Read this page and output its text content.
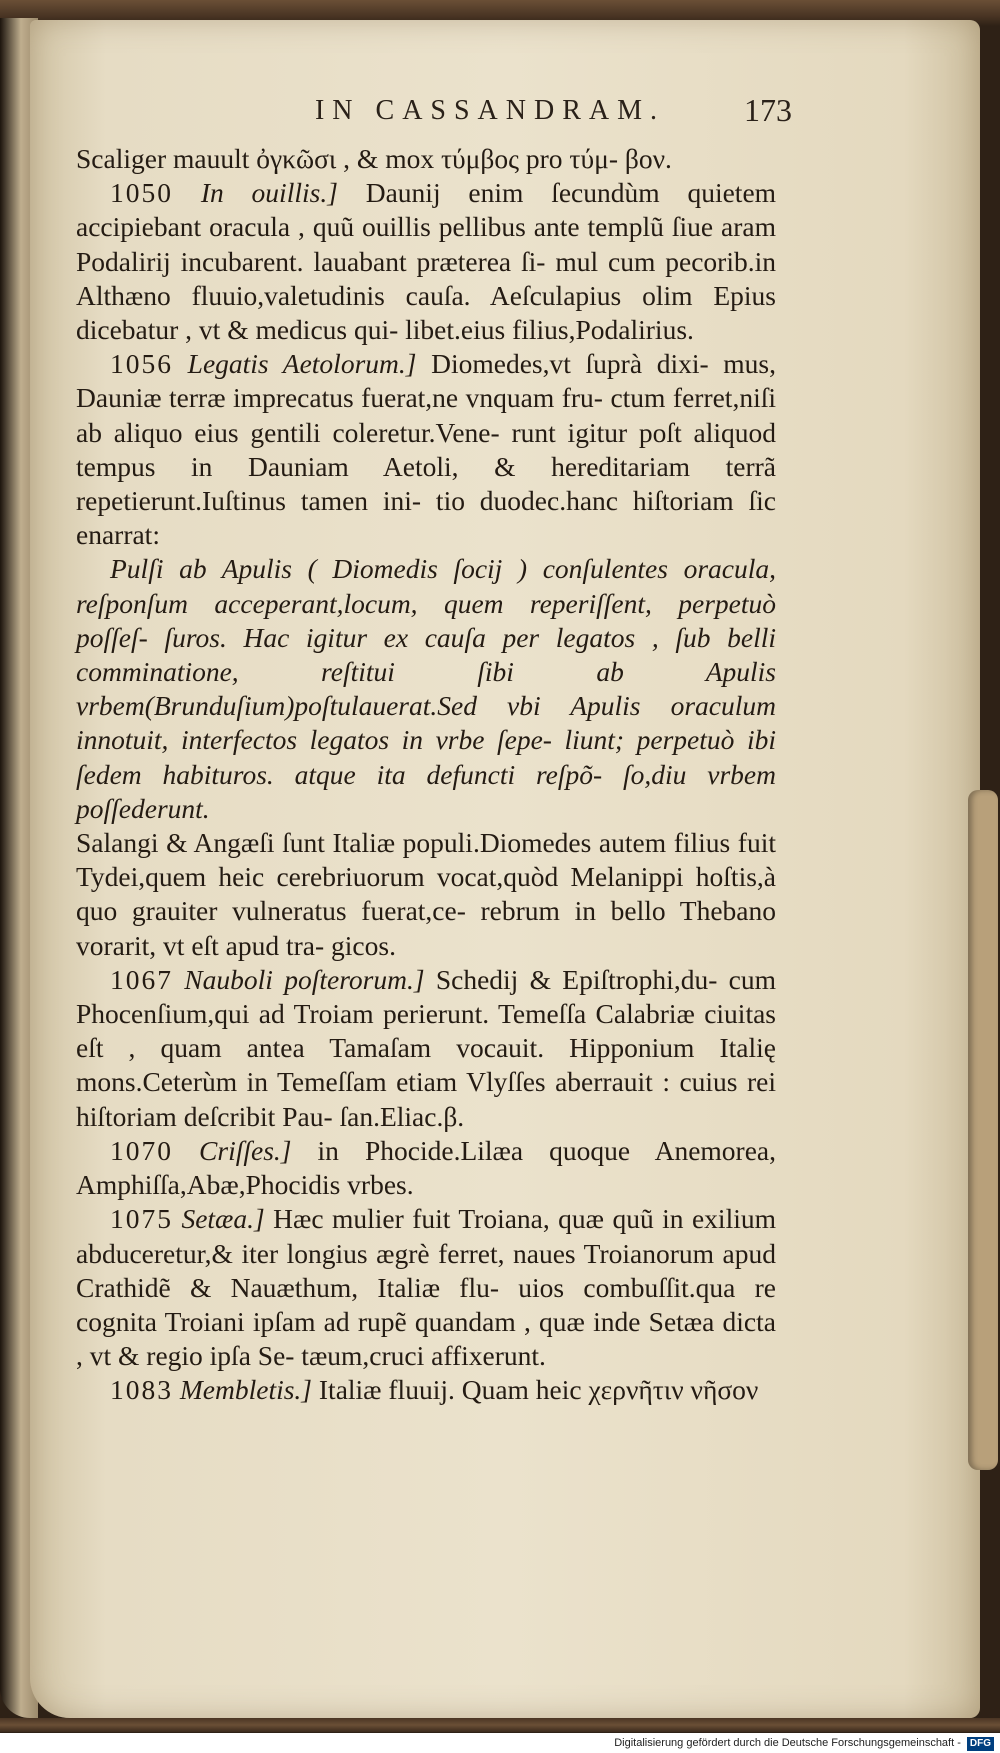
IN CASSANDRAM.	173

Scaliger mauult ὀγκῶσι , & mox τύμβος pro τύμ- βον.

1050 In ouillis.] Daunij enim ſecundùm quietem accipiebant oracula , quũ ouillis pellibus ante templũ ſiue aram Podalirij incubarent. lauabant præterea ſi- mul cum pecorib.in Althæno fluuio,valetudinis cauſa. Aeſculapius olim Epius dicebatur , vt & medicus qui- libet.eius filius,Podalirius.

1056 Legatis Aetolorum.] Diomedes,vt ſuprà dixi- mus, Dauniæ terræ imprecatus fuerat,ne vnquam fru- ctum ferret,niſi ab aliquo eius gentili coleretur.Vene- runt igitur poſt aliquod tempus in Dauniam Aetoli, & hereditariam terrã repetierunt.Iuſtinus tamen ini- tio duodec.hanc hiſtoriam ſic enarrat:

Pulſi ab Apulis ( Diomedis ſocij ) conſulentes oracula, reſponſum acceperant,locum, quem reperiſſent, perpetuò poſſeſ- ſuros. Hac igitur ex cauſa per legatos , ſub belli comminatione, reſtitui ſibi ab Apulis vrbem(Brunduſium)poſtulauerat.Sed vbi Apulis oraculum innotuit, interfectos legatos in vrbe ſepe- liunt; perpetuò ibi ſedem habituros. atque ita defuncti reſpõ- ſo,diu vrbem poſſederunt.

Salangi & Angæſi ſunt Italiæ populi.Diomedes autem filius fuit Tydei,quem heic cerebriuorum vocat,quòd Melanippi hoſtis,à quo grauiter vulneratus fuerat,ce- rebrum in bello Thebano vorarit, vt eſt apud tra- gicos.

1067 Nauboli poſterorum.] Schedij & Epiſtrophi,du- cum Phocenſium,qui ad Troiam perierunt. Temeſſa Calabriæ ciuitas eſt , quam antea Tamaſam vocauit. Hipponium Italię mons.Ceterùm in Temeſſam etiam Vlyſſes aberrauit : cuius rei hiſtoriam deſcribit Pau- ſan.Eliac.β.

1070 Criſſes.] in Phocide.Lilæa quoque Anemorea, Amphiſſa,Abæ,Phocidis vrbes.

1075 Setæa.] Hæc mulier fuit Troiana, quæ quũ in exilium abduceretur,& iter longius ægrè ferret, naues Troianorum apud Crathidẽ & Nauæthum, Italiæ flu- uios combuſſit.qua re cognita Troiani ipſam ad rupẽ quandam , quæ inde Setæa dicta , vt & regio ipſa Se- tæum,cruci affixerunt.

1083 Membletis.] Italiæ fluuij. Quam heic χερνῆτιν νῆσον

Digitalisierung gefördert durch die Deutsche Forschungsgemeinschaft - DFG
